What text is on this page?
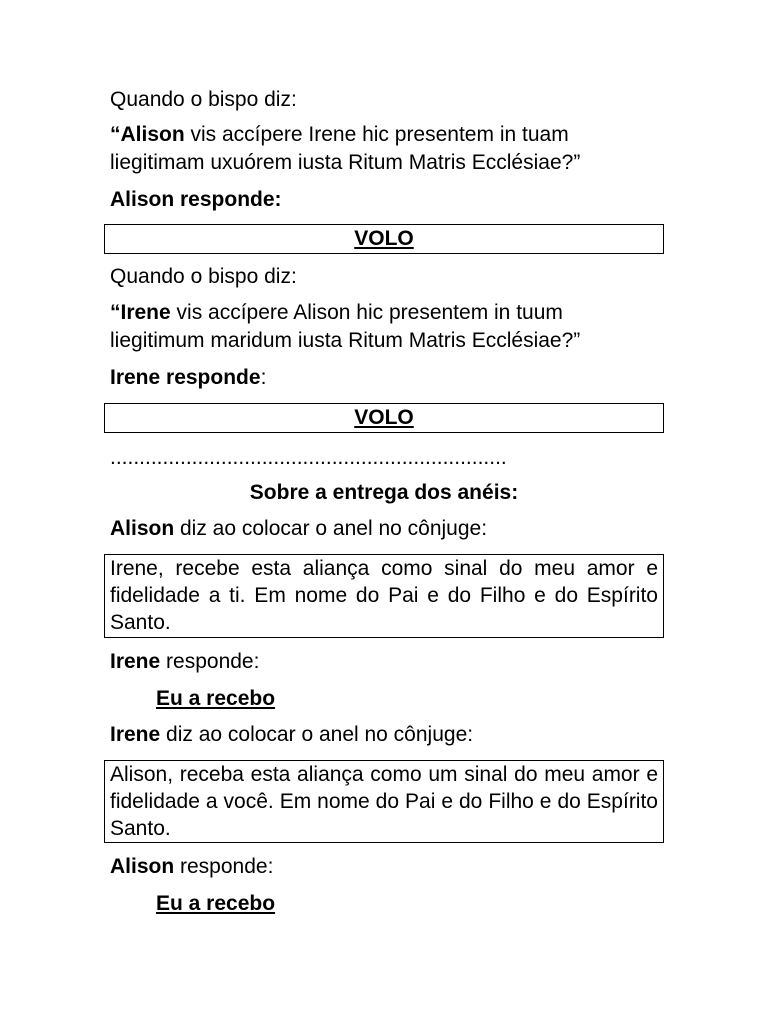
Quando o bispo diz:
“Alison vis accípere Irene hic presentem in tuam
liegitimam uxuórem iusta Ritum Matris Ecclésiae?”
Alison responde:
VOLO
Quando o bispo diz:
“Irene vis accípere Alison hic presentem in tuum
liegitimum maridum iusta Ritum Matris Ecclésiae?”
Irene responde:
VOLO
....................................................................
Sobre a entrega dos anéis:
Alison diz ao colocar o anel no cônjuge:
Irene, recebe esta aliança como sinal do meu amor e fidelidade a ti. Em nome do Pai e do Filho e do Espírito Santo.
Irene responde:
Eu a recebo
Irene diz ao colocar o anel no cônjuge:
Alison, receba esta aliança como um sinal do meu amor e fidelidade a você. Em nome do Pai e do Filho e do Espírito Santo.
Alison responde:
Eu a recebo
